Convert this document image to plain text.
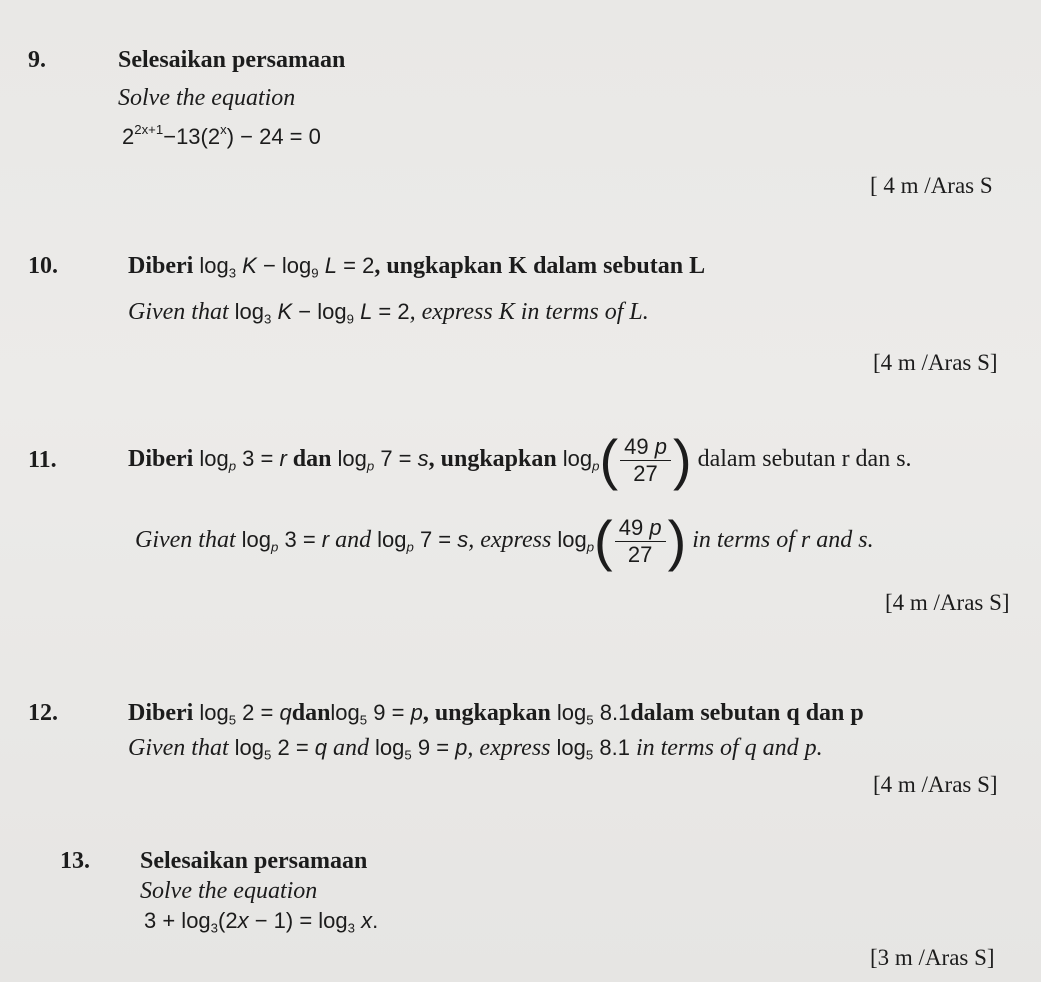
9.	Selesaikan persamaan
Solve the equation
$2^{2x+1}-13(2^x) - 24 = 0$
[ 4 m /Aras S
10.	Diberi $\log_3 K - \log_9 L = 2$, ungkapkan K dalam sebutan L
Given that $\log_3 K - \log_9 L = 2$, express K in terms of L.
[4 m /Aras S]
11.	Diberi $\log_p 3 = r$ dan $\log_p 7 = s$, ungkapkan $\log_p( \frac{49 p}{27}$ ) dalam sebutan r dan s.
Given that $\log_p 3 = r$ and $\log_p 7 = s$, express $\log_p( \frac{49 p}{27}$ ) in terms of r and s.
[4 m /Aras S]
12.	Diberi $\log_5 2$ = qdanlog$_5$ 9 = p, ungkapkan $\log_5$ 8.1dalam sebutan q dan p
Given that $\log_5 2 = q$ and $\log_5 9 = p$, express $\log_5 8.1$ in terms of q and p.
[4 m /Aras S]
13. Selesaikan persamaan
Solve the equation
$3 + \log_3(2x - 1) = \log_3 x$.
[3 m /Aras S]
